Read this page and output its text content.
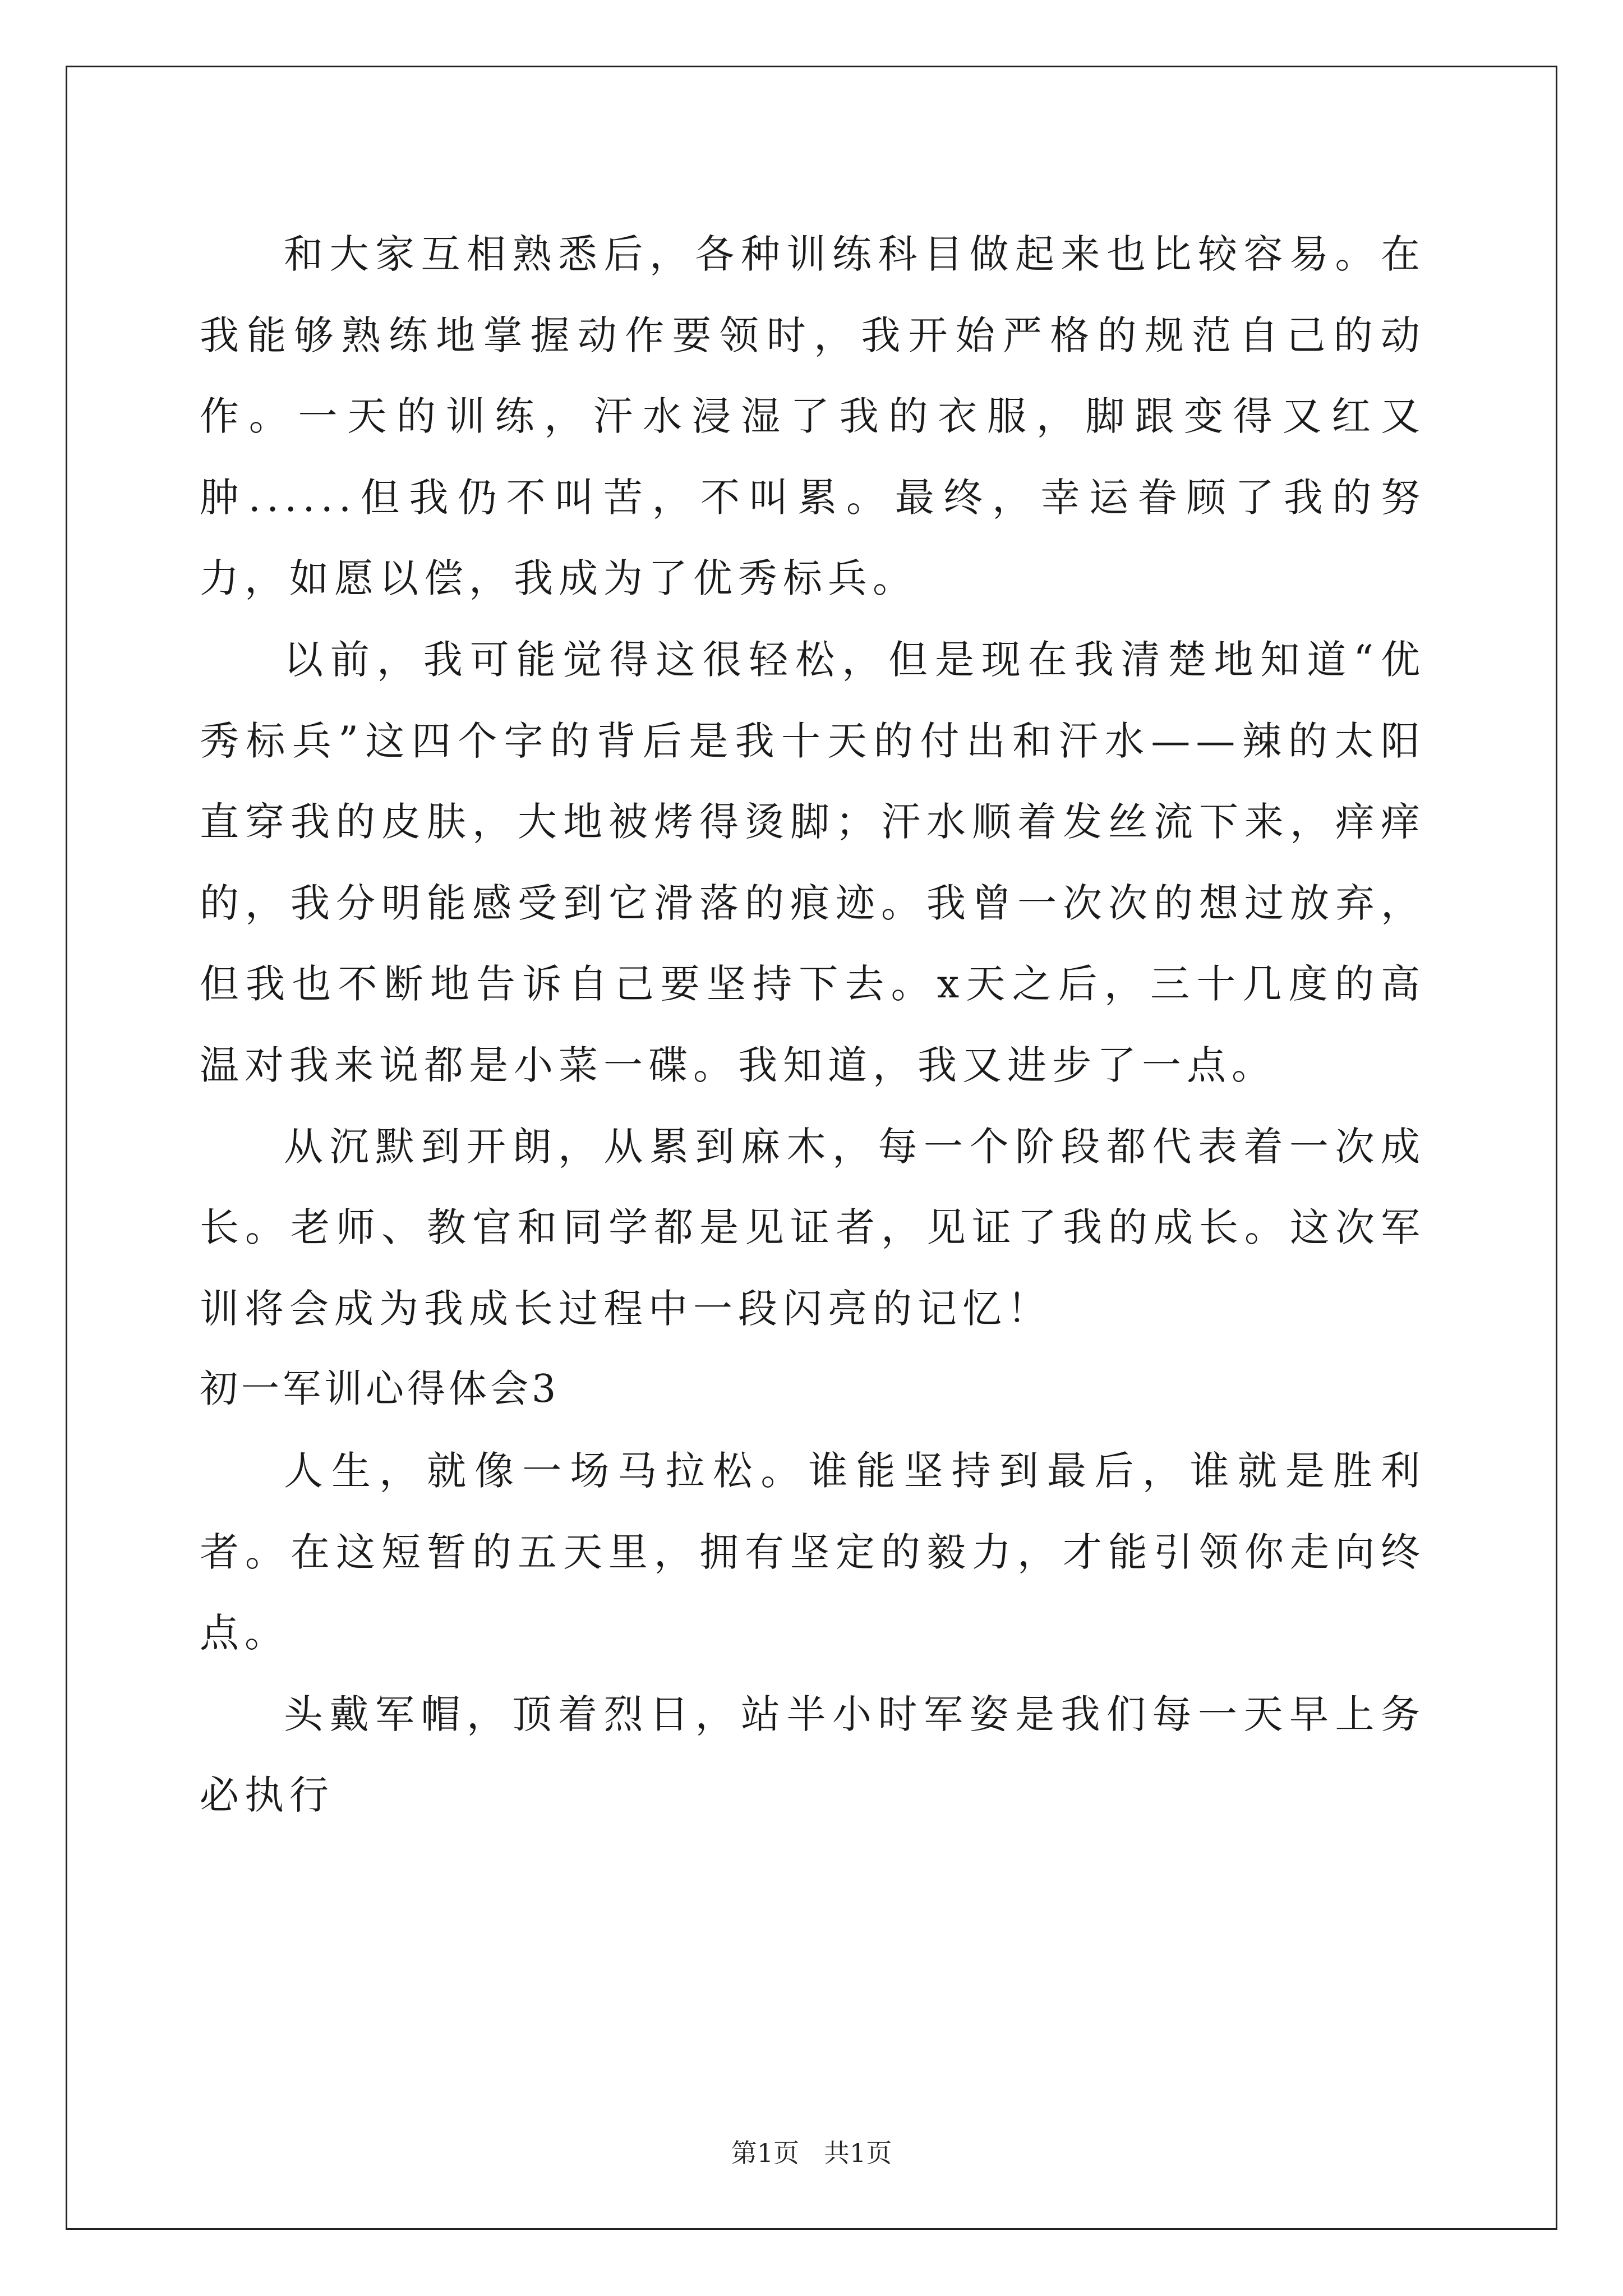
和大家互相熟悉后，各种训练科目做起来也比较容易。在我能够熟练地掌握动作要领时，我开始严格的规范自己的动作。一天的训练，汗水浸湿了我的衣服，脚跟变得又红又肿......但我仍不叫苦，不叫累。最终，幸运眷顾了我的努力，如愿以偿，我成为了优秀标兵。

以前，我可能觉得这很轻松，但是现在我清楚地知道“优秀标兵”这四个字的背后是我十天的付出和汗水——辣的太阳直穿我的皮肤，大地被烤得烫脚；汗水顺着发丝流下来，痒痒的，我分明能感受到它滑落的痕迹。我曾一次次的想过放弃，但我也不断地告诉自己要坚持下去。x天之后，三十几度的高温对我来说都是小菜一碟。我知道，我又进步了一点。

从沉默到开朗，从累到麻木，每一个阶段都代表着一次成长。老师、教官和同学都是见证者，见证了我的成长。这次军训将会成为我成长过程中一段闪亮的记忆！

初一军训心得体会3

人生，就像一场马拉松。谁能坚持到最后，谁就是胜利者。在这短暂的五天里，拥有坚定的毅力，才能引领你走向终点。

头戴军帽，顶着烈日，站半小时军姿是我们每一天早上务必执行

第1页 共1页
